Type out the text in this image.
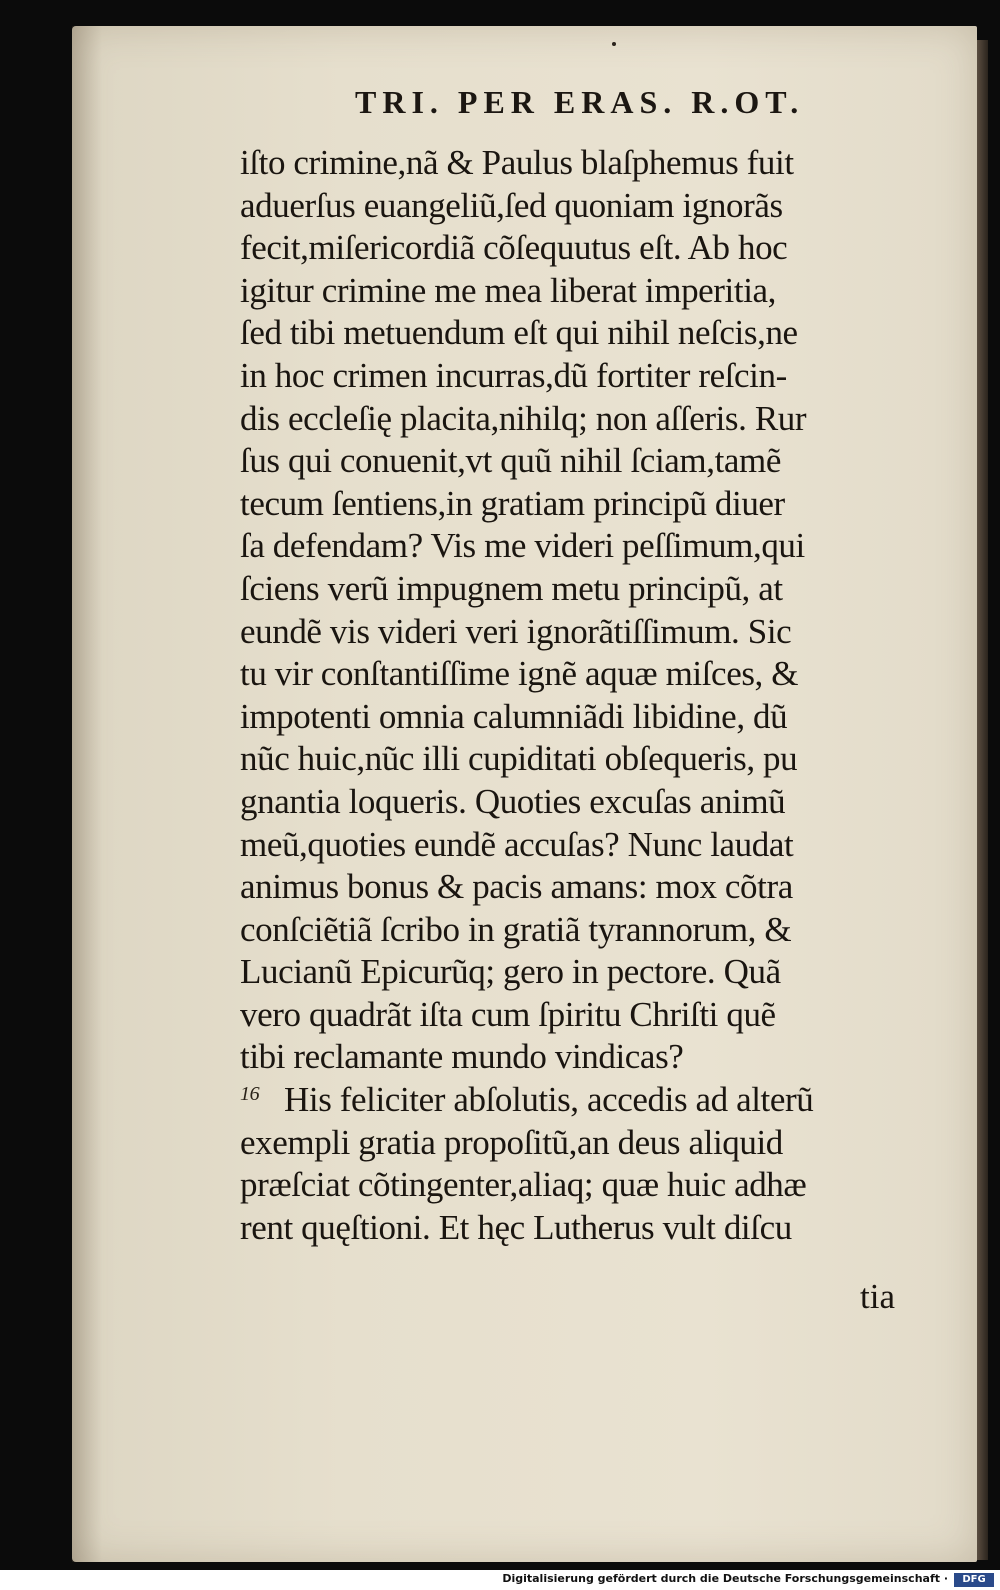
TRI. PER ERAS. R.OT.
iſto crimine,nã & Paulus blaſphemus fuit
aduerſus euangeliũ,ſed quoniam ignorãs
fecit,miſericordiã cõſequutus eſt. Ab hoc
igitur crimine me mea liberat imperitia,
ſed tibi metuendum eſt qui nihil neſcis,ne
in hoc crimen incurras,dũ fortiter reſcin-
dis eccleſię placita,nihilq; non aſſeris. Rur
ſus qui conuenit,vt quũ nihil ſciam,tamẽ
tecum ſentiens,in gratiam principũ diuer
ſa defendam? Vis me videri peſſimum,qui
ſciens verũ impugnem metu principũ, at
eundẽ vis videri veri ignorãtiſſimum. Sic
tu vir conſtantiſſime ignẽ aquæ miſces, &
impotenti omnia calumniãdi libidine, dũ
nũc huic,nũc illi cupiditati obſequeris, pu
gnantia loqueris. Quoties excuſas animũ
meũ,quoties eundẽ accuſas? Nunc laudat
animus bonus & pacis amans: mox cõtra
conſciẽtiã ſcribo in gratiã tyrannorum, &
Lucianũ Epicurũq; gero in pectore. Quã
vero quadrãt iſta cum ſpiritu Chriſti quẽ
tibi reclamante mundo vindicas?
16 His feliciter abſolutis, accedis ad alterũ
exempli gratia propoſitũ,an deus aliquid
præſciat cõtingenter,aliaq; quæ huic adhæ
rent quęſtioni. Et hęc Lutherus vult diſcu
tia
Digitalisierung gefördert durch die Deutsche Forschungsgemeinschaft ·	DFG
